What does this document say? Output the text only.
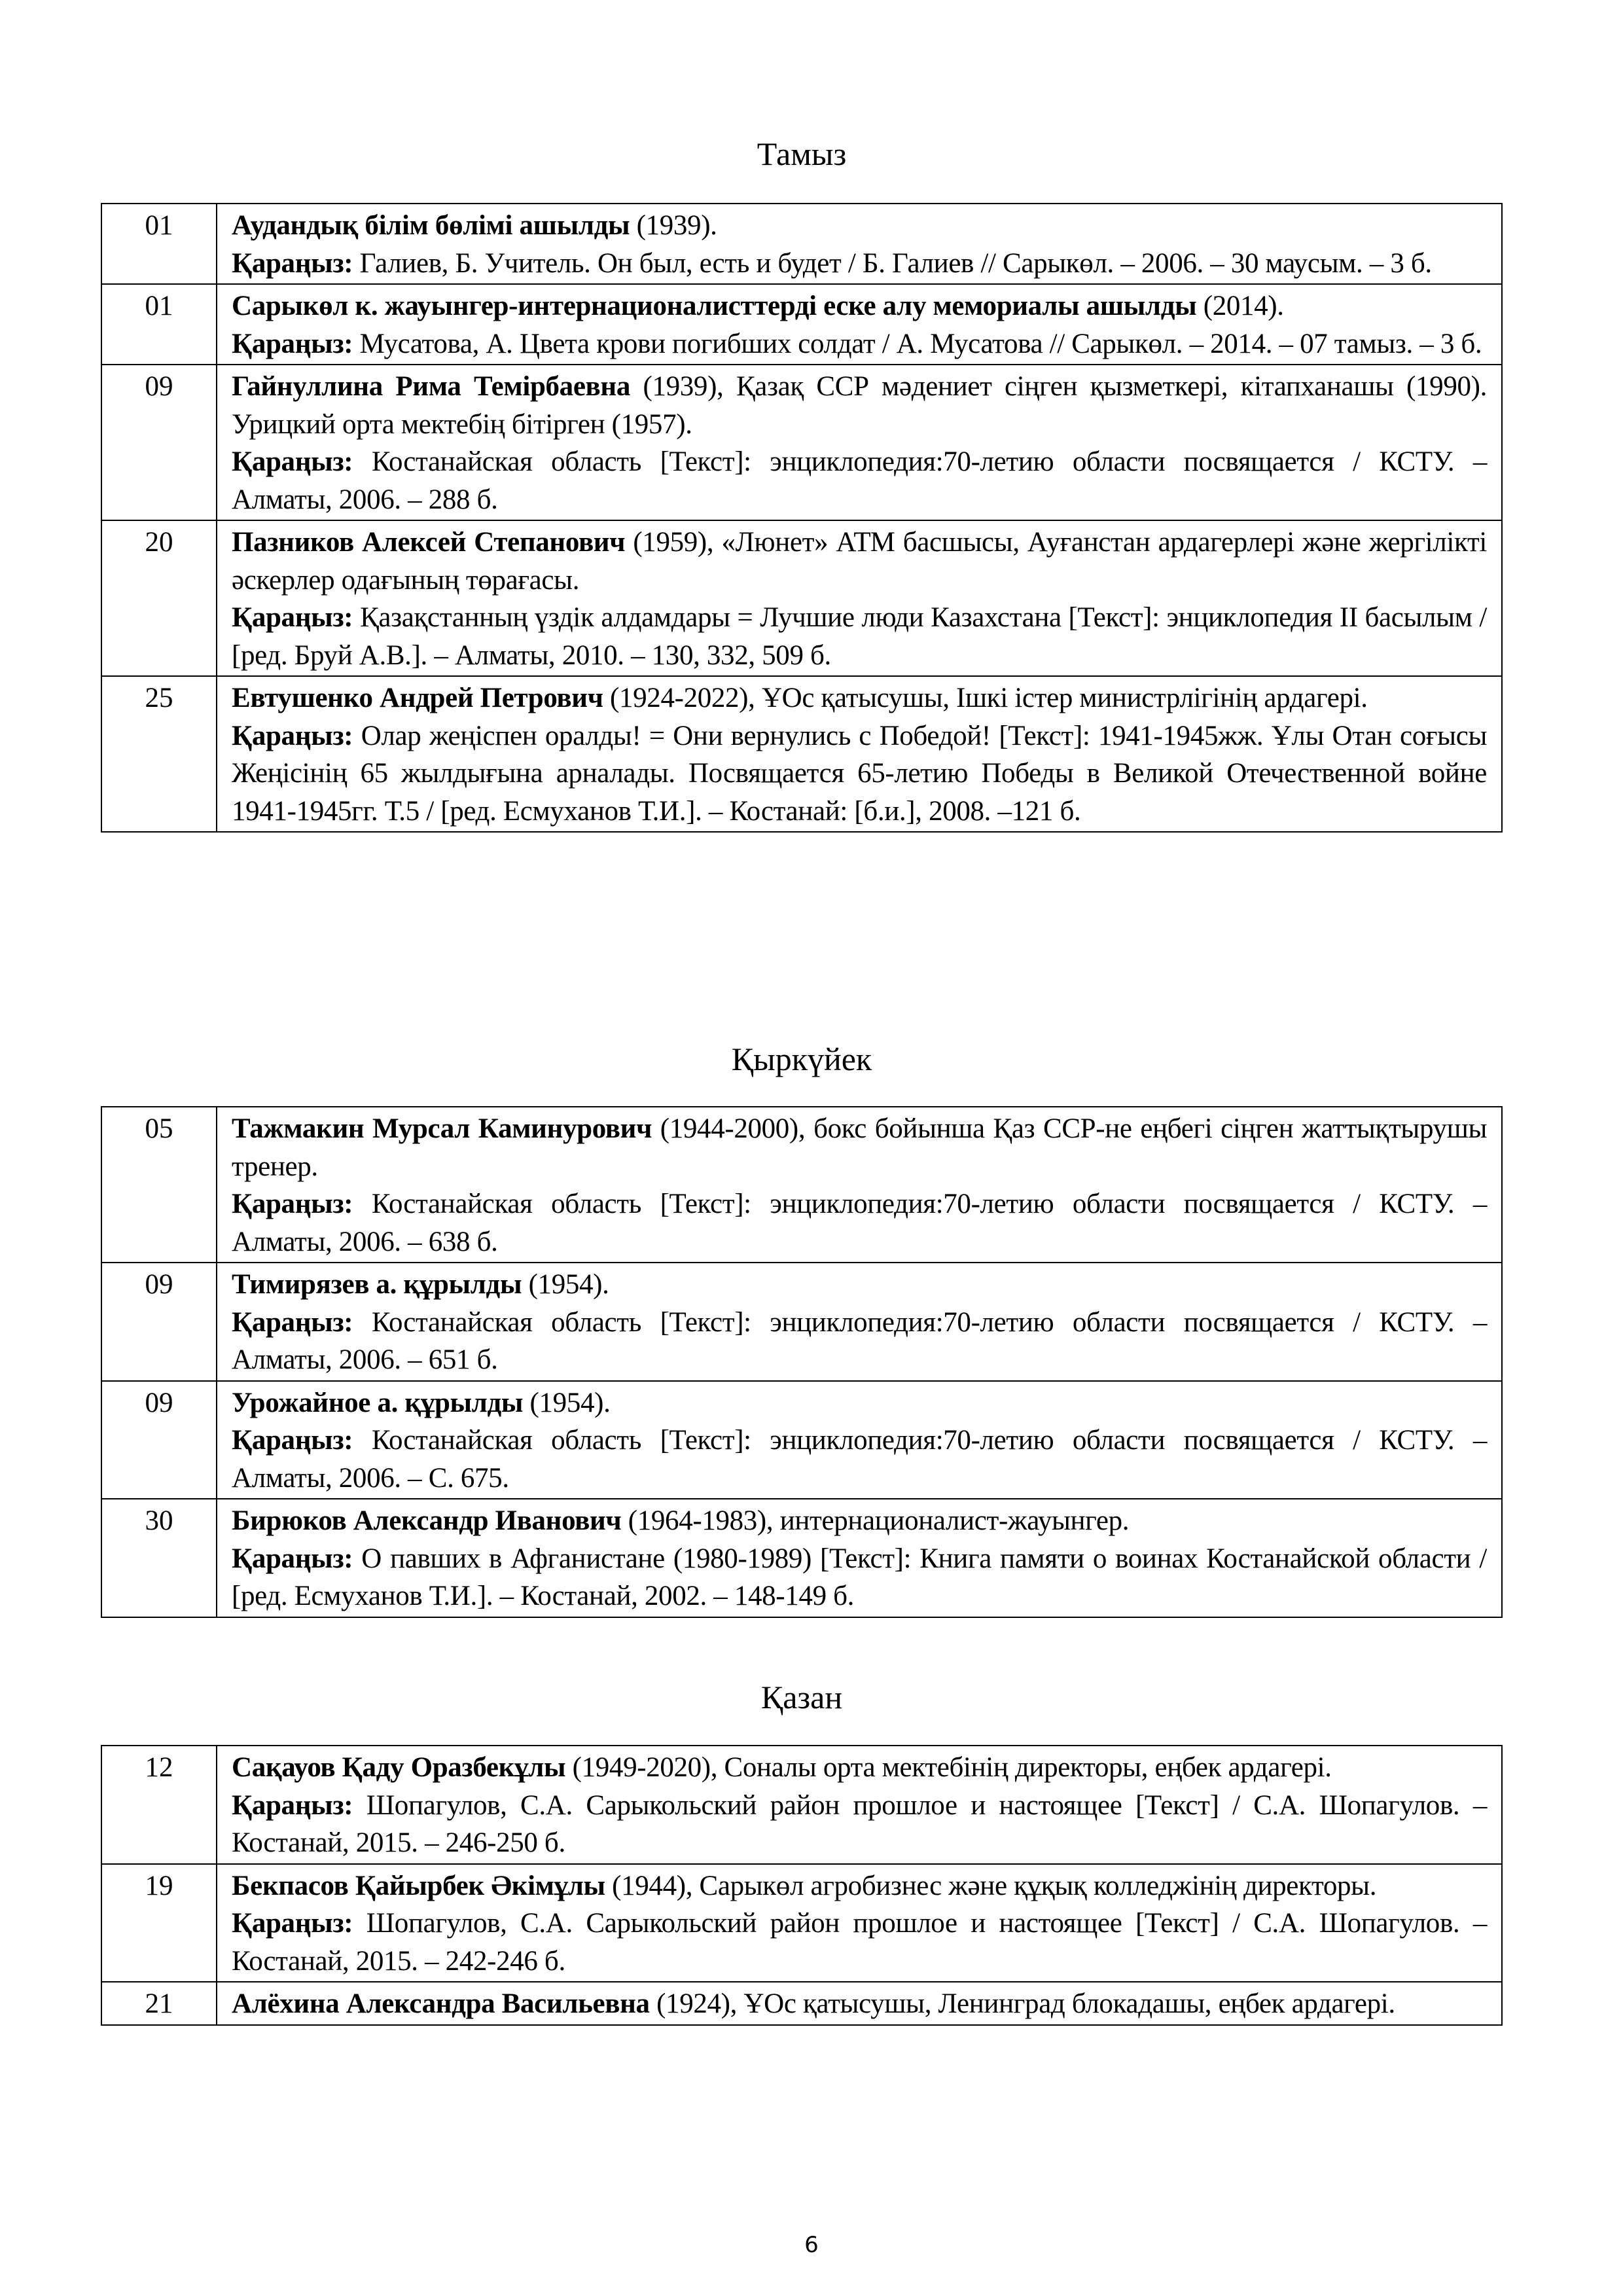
Тамыз
01	Аудандық білім бөлімі ашылды (1939).

Қараңыз: Галиев, Б. Учитель. Он был, есть и будет / Б. Галиев // Сарыкөл. – 2006. – 30 маусым. – 3 б.

01	Сарыкөл к. жауынгер-интернационалисттерді еске алу мемориалы ашылды (2014).

Қараңыз: Мусатова, А. Цвета крови погибших солдат / А. Мусатова // Сарыкөл. – 2014. – 07 тамыз. – 3 б.

09	Гайнуллина Рима Темірбаевна (1939), Қазақ ССР мәдениет сіңген қызметкері, кітапханашы (1990). Урицкий орта мектебің бітірген (1957).

Қараңыз: Костанайская область [Текст]: энциклопедия:70-летию области посвящается / КСТУ. – Алматы, 2006. – 288 б.

20	Пазников Алексей Степанович (1959), «Люнет» АТМ басшысы, Ауғанстан ардагерлері және жергілікті әскерлер одағының төрағасы.

Қараңыз: Қазақстанның үздік алдамдары = Лучшие люди Казахстана [Текст]: энциклопедия II басылым / [ред. Бруй А.В.]. – Алматы, 2010. – 130, 332, 509 б.

25	Евтушенко Андрей Петрович (1924-2022), ҰОс қатысушы, Ішкі істер министрлігінің ардагері.

Қараңыз: Олар жеңіспен оралды! = Они вернулись с Победой! [Текст]: 1941-1945жж. Ұлы Отан соғысы Жеңісінің 65 жылдығына арналады. Посвящается 65-летию Победы в Великой Отечественной войне 1941-1945гг. Т.5 / [ред. Есмуханов Т.И.]. – Костанай: [б.и.], 2008. –121 б.

Қыркүйек
05	Тажмакин Мурсал Каминурович (1944-2000), бокс бойынша Қаз ССР-не еңбегі сіңген жаттықтырушы тренер.

Қараңыз: Костанайская область [Текст]: энциклопедия:70-летию области посвящается / КСТУ. – Алматы, 2006. – 638 б.

09	Тимирязев а. құрылды (1954).

Қараңыз: Костанайская область [Текст]: энциклопедия:70-летию области посвящается / КСТУ. – Алматы, 2006. – 651 б.

09	Урожайное а. құрылды (1954).

Қараңыз: Костанайская область [Текст]: энциклопедия:70-летию области посвящается / КСТУ. – Алматы, 2006. – С. 675.

30	Бирюков Александр Иванович (1964-1983), интернационалист-жауынгер.

Қараңыз: О павших в Афганистане (1980-1989) [Текст]: Книга памяти о воинах Костанайской области / [ред. Есмуханов Т.И.]. – Костанай, 2002. – 148-149 б.

Қазан
12	Сақауов Қаду Оразбекұлы (1949-2020), Соналы орта мектебінің директоры, еңбек ардагері.

Қараңыз: Шопагулов, С.А. Сарыкольский район прошлое и настоящее [Текст] / С.А. Шопагулов. – Костанай, 2015. – 246-250 б.

19	Бекпасов Қайырбек Әкімұлы (1944), Сарыкөл агробизнес және құқық колледжінің директоры.

Қараңыз: Шопагулов, С.А. Сарыкольский район прошлое и настоящее [Текст] / С.А. Шопагулов. – Костанай, 2015. – 242-246 б.

21	Алёхина Александра Васильевна (1924), ҰОс қатысушы, Ленинград блокадашы, еңбек ардагері.

6
